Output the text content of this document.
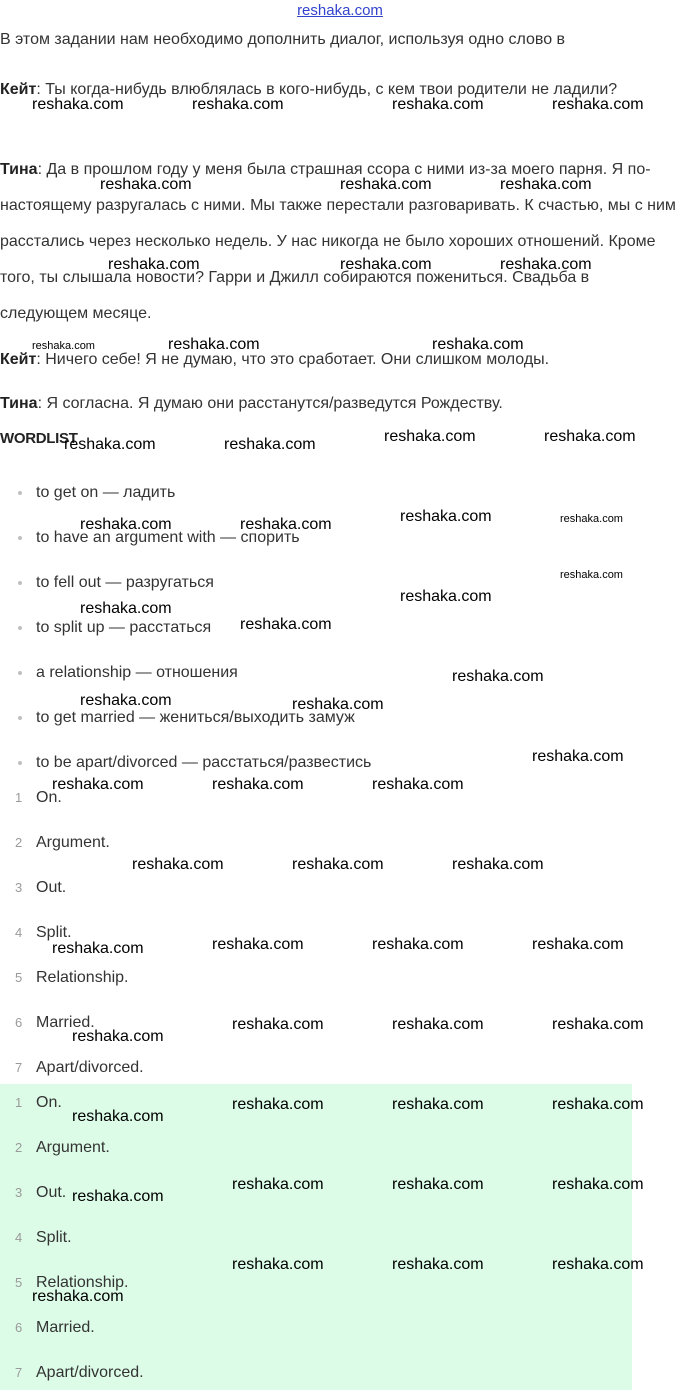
reshaka.com

В этом задании нам необходимо дополнить диалог, используя одно слово в

Кейт: Ты когда-нибудь влюблялась в кого-нибудь, с кем твои родители не ладили?

Тина: Да в прошлом году у меня была страшная ссора с ними из-за моего парня. Я по-настоящему разругалась с ними. Мы также перестали разговаривать. К счастью, мы с ним расстались через несколько недель. У нас никогда не было хороших отношений. Кроме того, ты слышала новости? Гарри и Джилл собираются пожениться. Свадьба в следующем месяце.

Кейт: Ничего себе! Я не думаю, что это сработает. Они слишком молоды.

Тина: Я согласна. Я думаю они расстанутся/разведутся Рождеству.

WORDLIST
to get on — ладить
to have an argument with — спорить
to fell out — разругаться
to split up — расстаться
a relationship — отношения
to get married — жениться/выходить замуж
to be apart/divorced — расстаться/развестись
1 On.
2 Argument.
3 Out.
4 Split.
5 Relationship.
6 Married.
7 Apart/divorced.
1 On.
2 Argument.
3 Out.
4 Split.
5 Relationship.
6 Married.
7 Apart/divorced.
reshaka.com	reshaka.com	reshaka.com	reshaka.com
reshaka.com	reshaka.com	reshaka.com
reshaka.com	reshaka.com	reshaka.com
reshaka.com	reshaka.com	reshaka.com
reshaka.com	reshaka.com	reshaka.com	reshaka.com
reshaka.com	reshaka.com	reshaka.com	reshaka.com
reshaka.com
reshaka.com
reshaka.com
reshaka.com
reshaka.com
reshaka.com	reshaka.com
reshaka.com
reshaka.com	reshaka.com	reshaka.com
reshaka.com	reshaka.com	reshaka.com
reshaka.com	reshaka.com	reshaka.com	reshaka.com
reshaka.com
reshaka.com	reshaka.com	reshaka.com
reshaka.com
reshaka.com	reshaka.com	reshaka.com
reshaka.com
reshaka.com	reshaka.com	reshaka.com
reshaka.com	reshaka.com	reshaka.com
reshaka.com
